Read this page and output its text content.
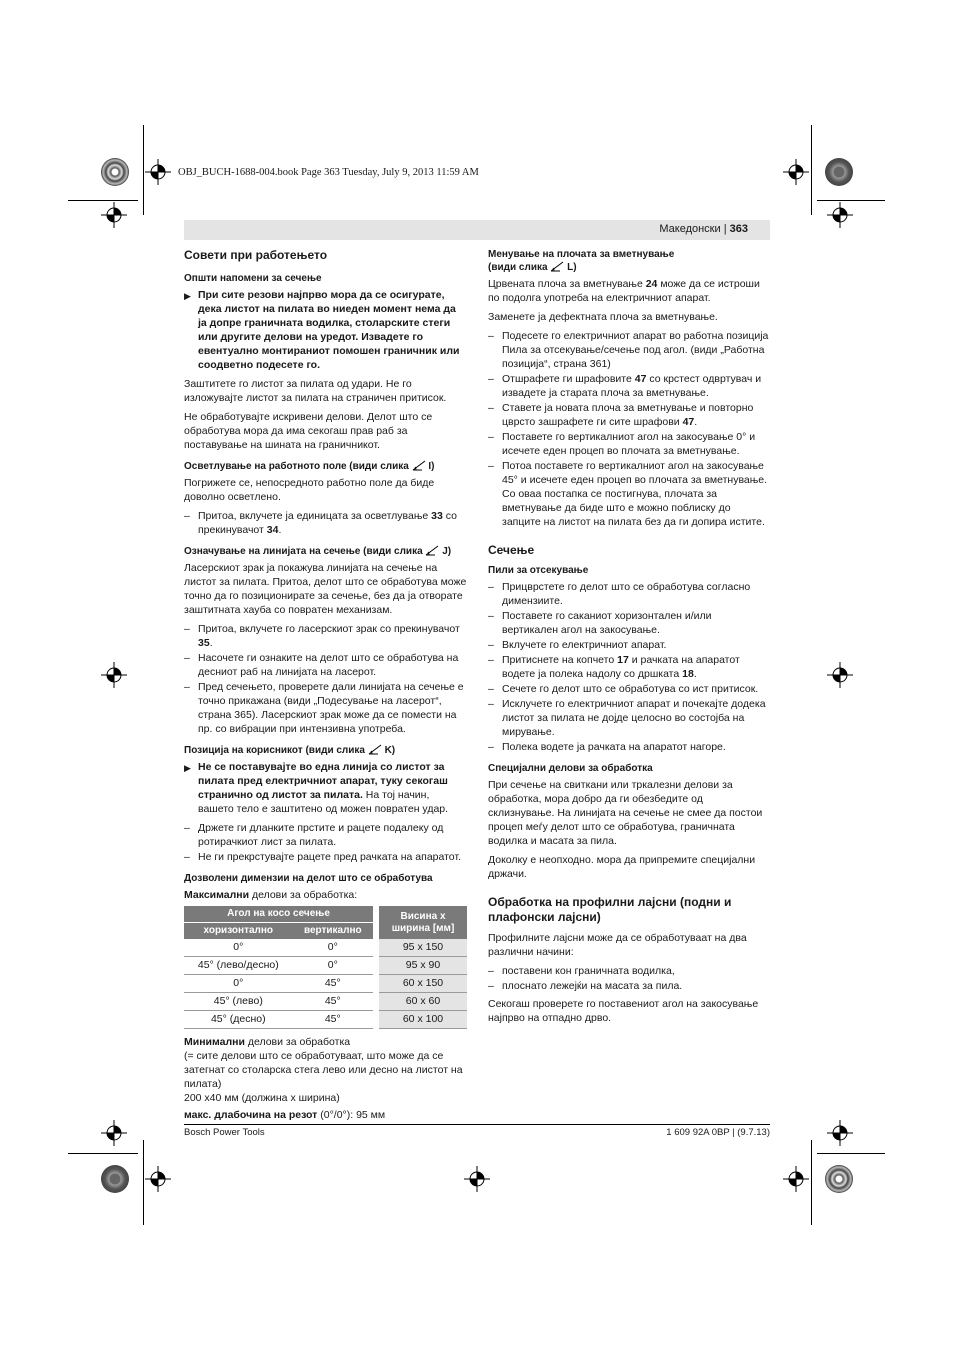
OBJ_BUCH-1688-004.book Page 363 Tuesday, July 9, 2013 11:59 AM
Македонски | 363
Совети при работењето
Општи напомени за сечење
▶ При сите резови најпрво мора да се осигурате, дека листот на пилата во ниеден момент нема да ја допре граничната водилка, столарските стеги или другите делови на уредот. Извадете го евентуално монтираниот помошен граничник или соодветно подесете го.

Заштитете го листот за пилата од удари. Не го изложувајте листот за пилата на страничен притисок.

Не обработувајте искривени делови. Делот што се обработува мора да има секогаш прав раб за поставување на шината на граничникот.

Осветлување на работното поле (види слика I)

Погрижете се, непосредното работно поле да биде доволно осветлено.

– Притоа, вклучете ја единицата за осветлување 33 со прекинувачот 34.
Означување на линијата на сечење (види слика J)

Ласерскиот зрак ја покажува линијата на сечење на листот за пилата. Притоа, делот што се обработува може точно да го позиционирате за сечење, без да ја отворате заштитната хауба со повратен механизам.

– Притоа, вклучете го ласерскиот зрак со прекинувачот 35.
– Насочете ги ознаките на делот што се обработува на десниот раб на линијата на ласерот.
– Пред сечењето, проверете дали линијата на сечење е точно прикажана (види „Подесување на ласерот“, страна 365). Ласерскиот зрак може да се помести на пр. со вибрации при интензивна употреба.
Позиција на корисникот (види слика K)
▶ Не се поставувајте во една линија со листот за пилата пред електричниот апарат, туку секогаш странично од листот за пилата. На тој начин, вашето тело е заштитено од можен повратен удар.
– Држете ги дланките прстите и рацете подалеку од ротирачкиот лист за пилата.
– Не ги прекрстувајте рацете пред рачката на апаратот.
Дозволени димензии на делот што се обработува

Максимални делови за обработка:

Агол на косо сечење		Висина x ширина [мм]
хоризонтално	вертикално	
0°	0°	95 x 150
45° (лево/десно)	0°	95 x 90
0°	45°	60 x 150
45° (лево)	45°	60 x 60
45° (десно)	45°	60 x 100

Минимални делови за обработка

(= сите делови што се обработуваат, што може да се затегнат со столарска стега лево или десно на листот на пилата)

200 x40 мм (должина x ширина)

макс. длабочина на резот (0°/0°): 95 мм

Менување на плочата за вметнување
(види слика L)

Црвената плоча за вметнување 24 може да се истроши по подолга употреба на електричниот апарат.

Заменете ја дефектната плоча за вметнување.

– Подесете го електричниот апарат во работна позиција Пила за отсекување/сечење под агол. (види „Работна позиција“, страна 361)
– Отшрафете ги шрафовите 47 со крстест одвртувач и извадете ја старата плоча за вметнување.
– Ставете ја новата плоча за вметнување и повторно цврсто зашрафете ги сите шрафови 47.
– Поставете го вертикалниот агол на закосување 0° и исечете еден процеп во плочата за вметнување.
– Потоа поставете го вертикалниот агол на закосување 45° и исечете еден процеп во плочата за вметнување. Со оваа постапка се постигнува, плочата за вметнување да биде што е можно поблиску до запците на листот на пилата без да ги допира истите.
Сечење
Пили за отсекување
– Прицврстете го делот што се обработува согласно димензиите.
– Поставете го саканиот хоризонтален и/или вертикален агол на закосување.
– Вклучете го електричниот апарат.
– Притиснете на копчето 17 и рачката на апаратот водете ја полека надолу со дршката 18.
– Сечете го делот што се обработува со ист притисок.
– Исклучете го електричниот апарат и почекајте додека листот за пилата не дојде целосно во состојба на мирување.
– Полека водете ја рачката на апаратот нагоре.
Специјални делови за обработка

При сечење на свиткани или тркалезни делови за обработка, мора добро да ги обезбедите од склизнување. На линијата на сечење не смее да постои процеп меѓу делот што се обработува, граничната водилка и масата за пила.

Доколку е неопходно. мора да припремите специјални држачи.

Обработка на профилни лајсни (подни и плафонски лајсни)

Профилните лајсни може да се обработуваат на два различни начини:

– поставени кон граничната водилка,
– плоснато лежејќи на масата за пила.

Секогаш проверете го поставениот агол на закосување најпрво на отпадно дрво.

Bosch Power Tools	1 609 92A 0BP | (9.7.13)
